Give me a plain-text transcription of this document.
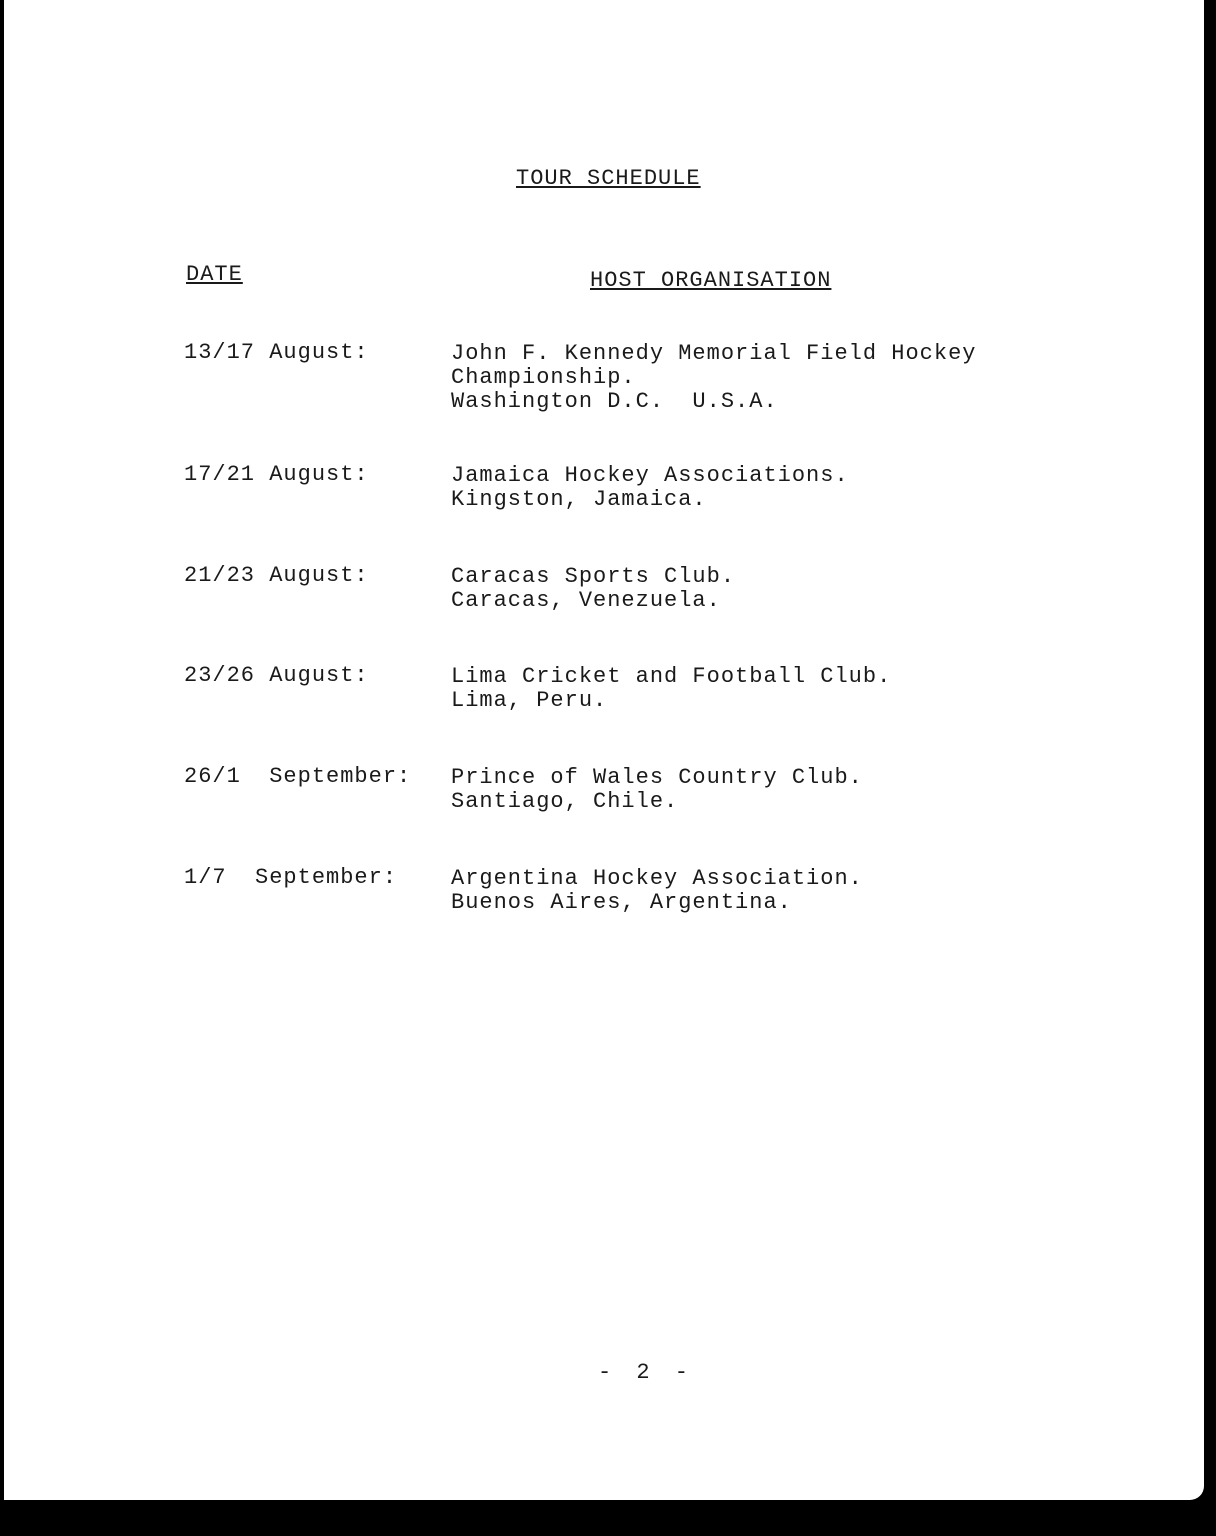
TOUR SCHEDULE
DATE	HOST ORGANISATION
13/17 August:	John F. Kennedy Memorial Field Hockey
Championship.
Washington D.C.  U.S.A.
17/21 August:	Jamaica Hockey Associations.
Kingston, Jamaica.
21/23 August:	Caracas Sports Club.
Caracas, Venezuela.
23/26 August:	Lima Cricket and Football Club.
Lima, Peru.
26/1  September: Prince of Wales Country Club.
Santiago, Chile.
1/7  September: Argentina Hockey Association.
Buenos Aires, Argentina.
- 2 -
